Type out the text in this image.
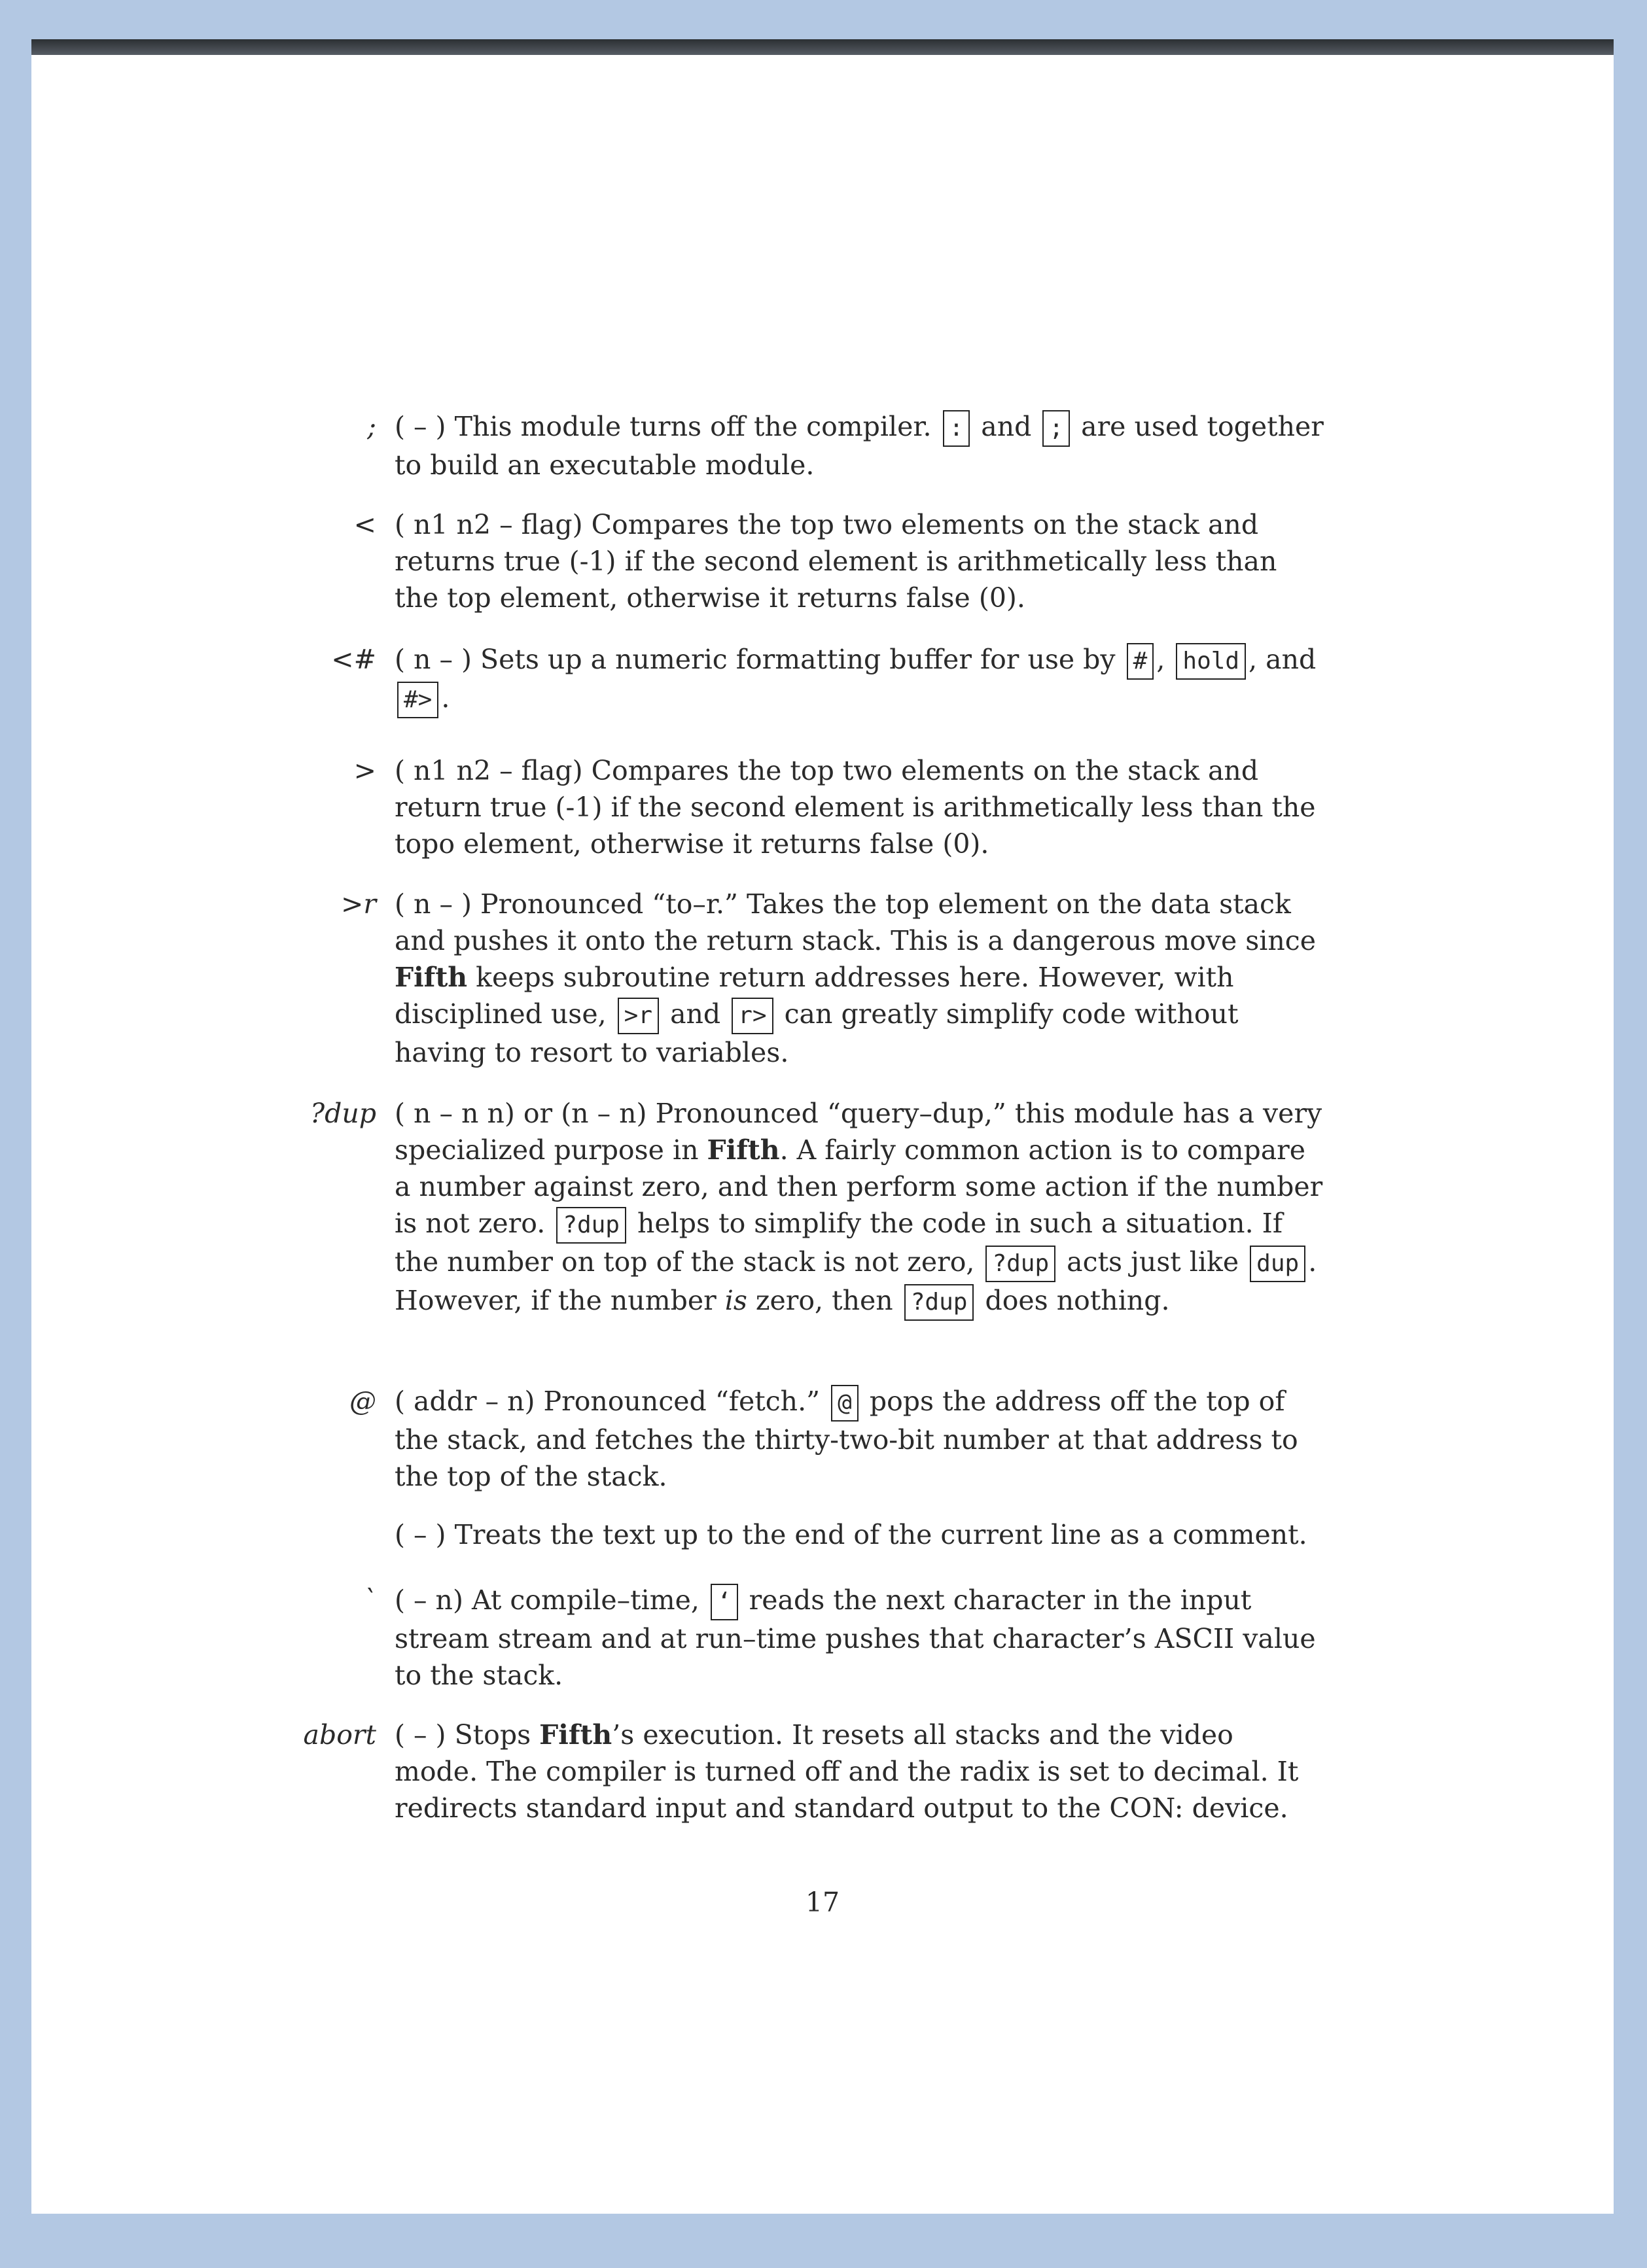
; ( – ) This module turns off the compiler. : and ; are used together to build an executable module.
< ( n1 n2 – flag) Compares the top two elements on the stack and returns true (-1) if the second element is arithmetically less than the top element, otherwise it returns false (0).
<# ( n – ) Sets up a numeric formatting buffer for use by # , hold , and #> .
> ( n1 n2 – flag) Compares the top two elements on the stack and return true (-1) if the second element is arithmetically less than the topo element, otherwise it returns false (0).
>r ( n – ) Pronounced “to–r.” Takes the top element on the data stack and pushes it onto the return stack. This is a dangerous move since Fifth keeps subroutine return addresses here. However, with disciplined use, >r and r> can greatly simplify code without having to resort to variables.
?dup ( n – n n) or (n – n) Pronounced “query–dup,” this module has a very specialized purpose in Fifth. A fairly common action is to compare a number against zero, and then perform some action if the number is not zero. ?dup helps to simplify the code in such a situation. If the number on top of the stack is not zero, ?dup acts just like dup . However, if the number is zero, then ?dup does nothing.
@ ( addr – n) Pronounced “fetch.” @ pops the address off the top of the stack, and fetches the thirty-two-bit number at that address to the top of the stack.
( – ) Treats the text up to the end of the current line as a comment.
` ( – n) At compile–time, ‘ reads the next character in the input stream stream and at run–time pushes that character’s ASCII value to the stack.
abort ( – ) Stops Fifth’s execution. It resets all stacks and the video mode. The compiler is turned off and the radix is set to decimal. It redirects standard input and standard output to the CON: device.
17
